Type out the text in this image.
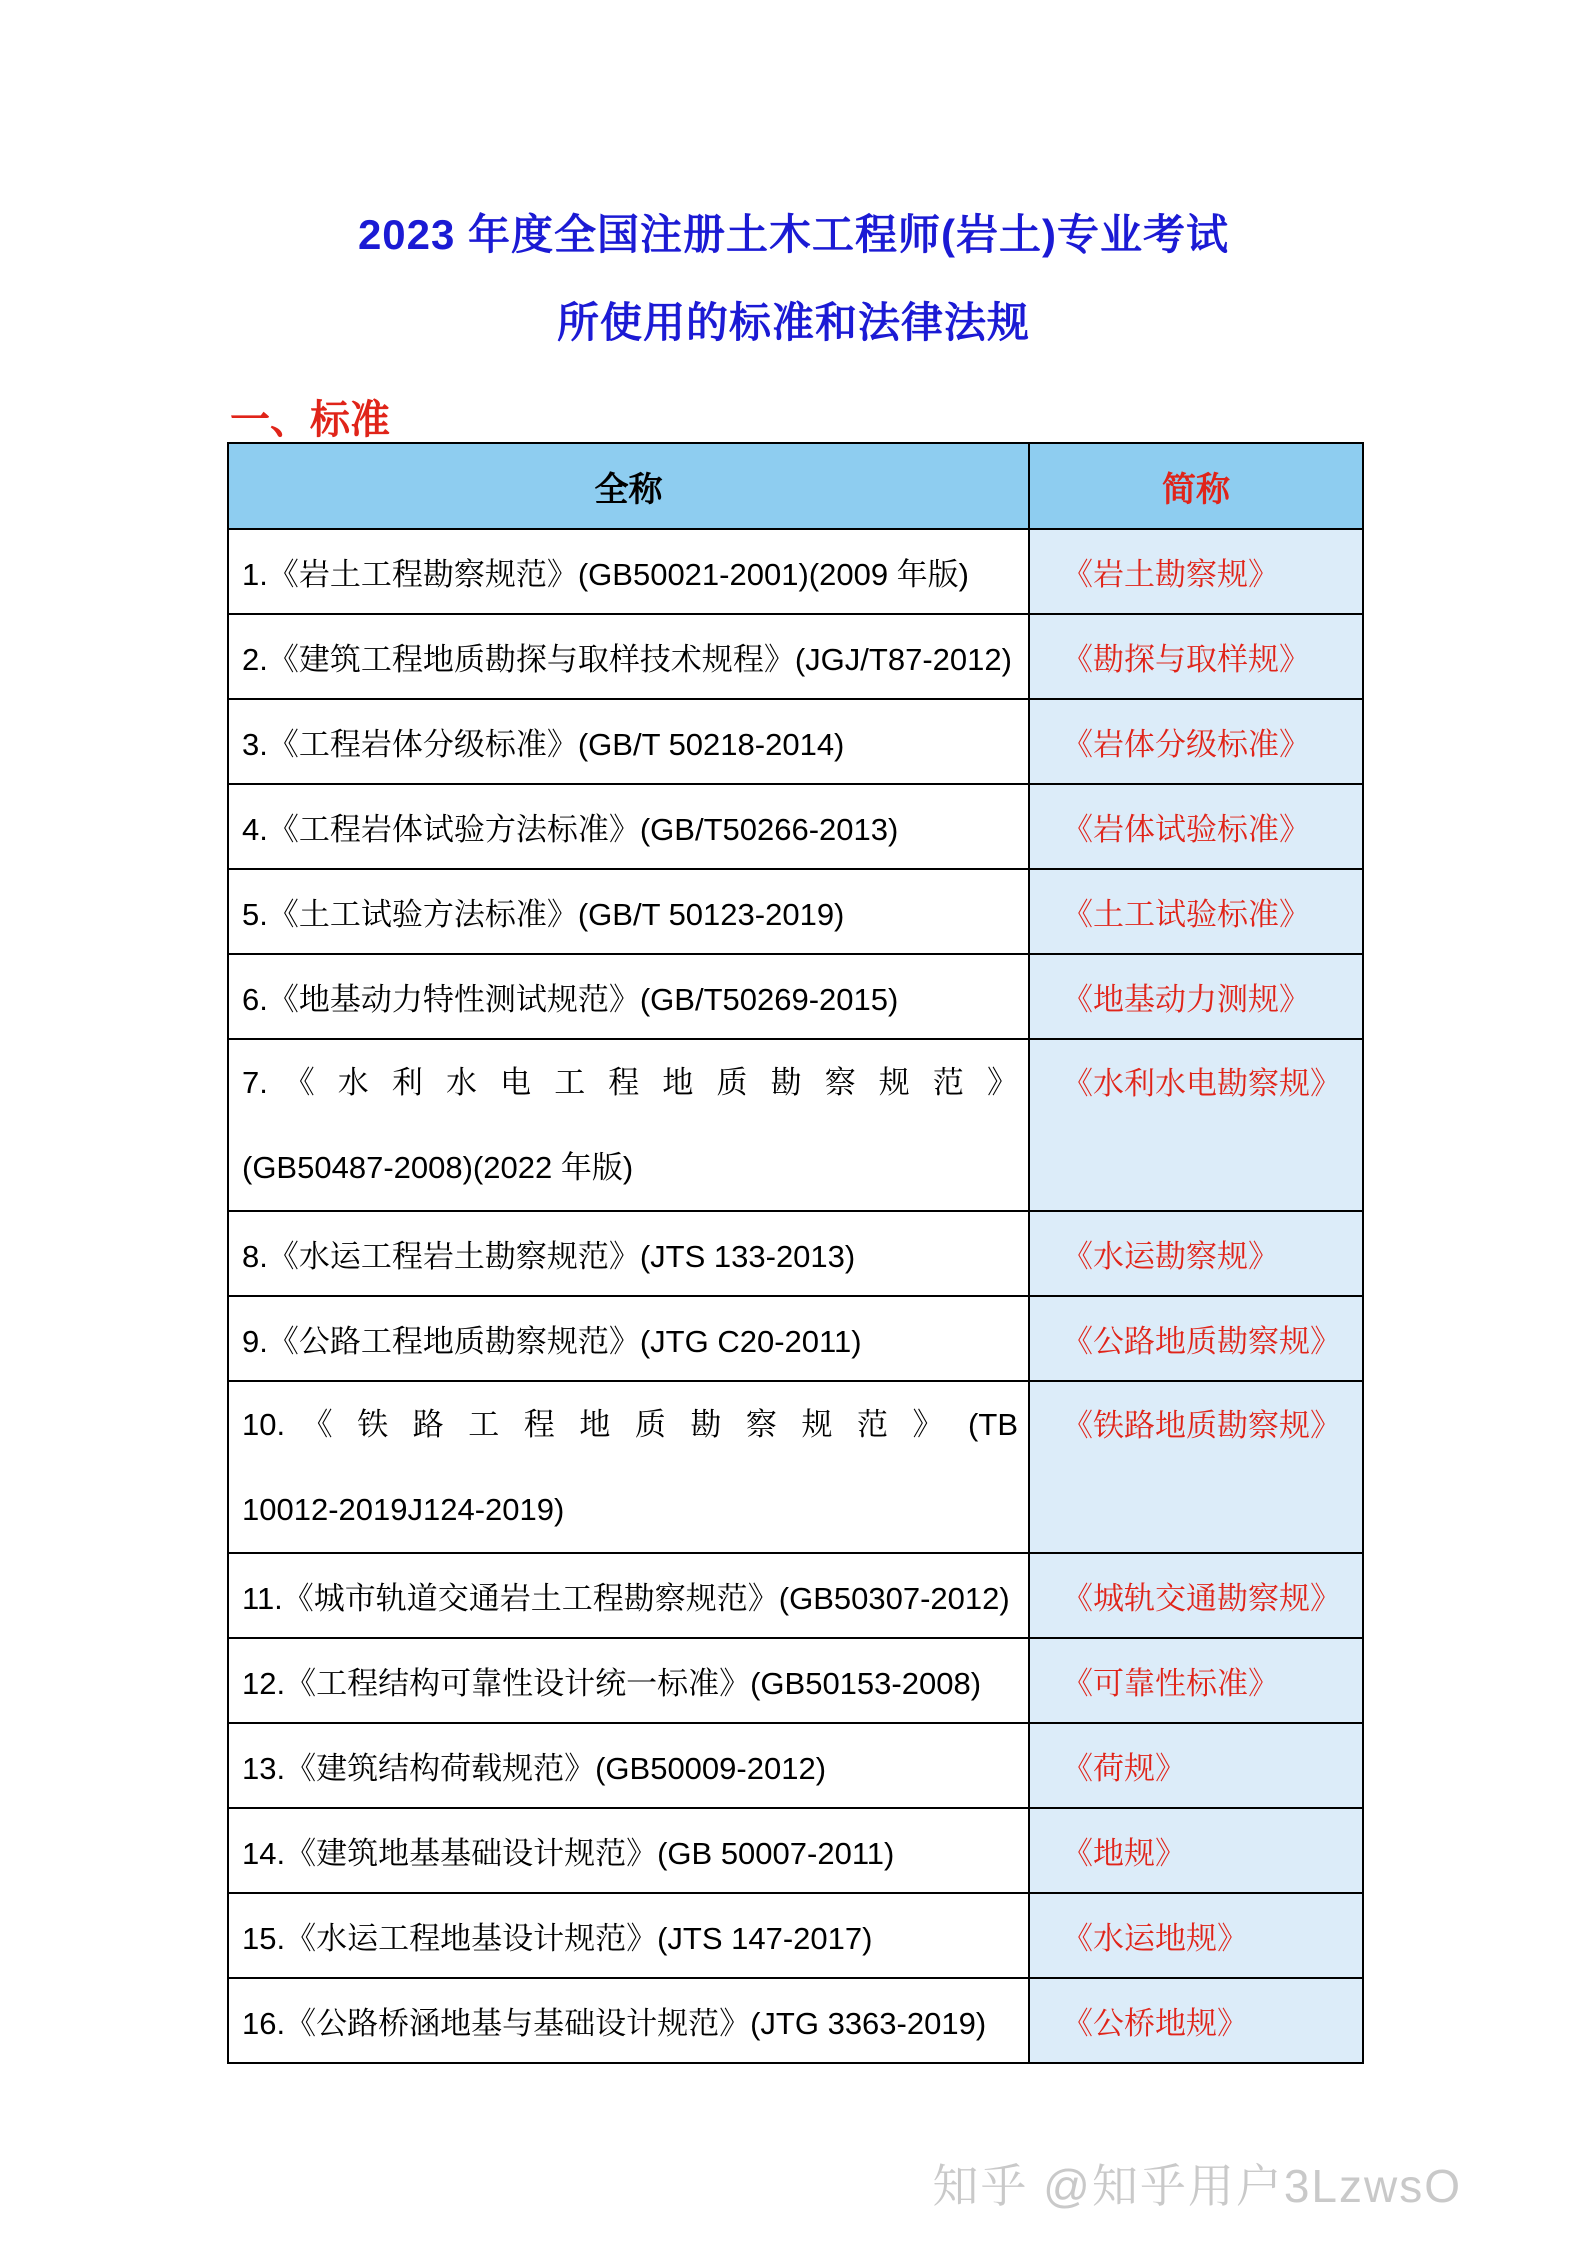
2023 年度全国注册土木工程师(岩土)专业考试
所使用的标准和法律法规
一、标准
全称	简称
1.《岩土工程勘察规范》(GB50021-2001)(2009 年版)	《岩土勘察规》
2.《建筑工程地质勘探与取样技术规程》(JGJ/T87-2012)	《勘探与取样规》
3.《工程岩体分级标准》(GB/T 50218-2014)	《岩体分级标准》
4.《工程岩体试验方法标准》(GB/T50266-2013)	《岩体试验标准》
5.《土工试验方法标准》(GB/T 50123-2019)	《土工试验标准》
6.《地基动力特性测试规范》(GB/T50269-2015)	《地基动力测规》

7. 《 水 利 水 电 工 程 地 质 勘 察 规 范 》
(GB50487-2008)(2022 年版)	《水利水电勘察规》

8.《水运工程岩土勘察规范》(JTS 133-2013)	《水运勘察规》
9.《公路工程地质勘察规范》(JTG C20-2011)	《公路地质勘察规》

10. 《 铁 路 工 程 地 质 勘 察 规 范 》 (TB
10012-2019J124-2019)	《铁路地质勘察规》

11.《城市轨道交通岩土工程勘察规范》(GB50307-2012)	《城轨交通勘察规》
12.《工程结构可靠性设计统一标准》(GB50153-2008)	《可靠性标准》
13.《建筑结构荷载规范》(GB50009-2012)	《荷规》
14.《建筑地基基础设计规范》(GB 50007-2011)	《地规》
15.《水运工程地基设计规范》(JTS 147-2017)	《水运地规》
16.《公路桥涵地基与基础设计规范》(JTG 3363-2019)	《公桥地规》
知乎 @知乎用户3LzwsO
